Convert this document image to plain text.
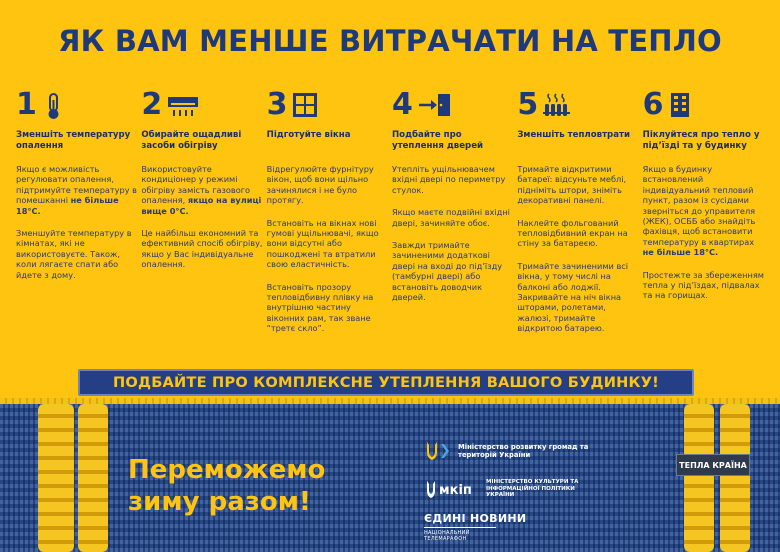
ЯК ВАМ МЕНШЕ ВИТРАЧАТИ НА ТЕПЛО
1
Зменшіть температуру опалення

Якщо є можливість регулювати опалення, підтримуйте температуру в помешканні не більше 18°С.

Зменшуйте температуру в кімнатах, які не використовуєте. Також, коли лягаєте спати або йдете з дому.

2
Обирайте ощадливі засоби обігріву

Використовуйте кондиціонер у режимі обігріву замість газового опалення, якщо на вулиці вище 0°С.

Це найбільш економний та ефективний спосіб обігріву, якщо у Вас індивідуальне опалення.

3
Підготуйте вікна

Відрегулюйте фурнітуру вікон, щоб вони щільно зачинялися і не було протягу.

Встановіть на вікнах нові гумові ущільнювачі, якщо вони відсутні або пошкоджені та втратили свою еластичність.

Встановіть прозору тепловідбивну плівку на внутрішню частину віконних рам, так зване “третє скло”.

4
Подбайте про утеплення дверей

Утепліть ущільнювачем вхідні двері по периметру стулок.

Якщо маєте подвійні вхідні двері, зачиняйте обоє.

Завжди тримайте зачиненими додаткові двері на вході до під’їзду (тамбурні двері) або встановіть доводчик дверей.

5
Зменшіть тепловтрати

Тримайте відкритими батареї: відсуньте меблі, підніміть штори, зніміть декоративні панелі.

Наклейте фольгований тепловідбивний екран на стіну за батареєю.

Тримайте зачиненими всі вікна, у тому числі на балконі або лоджії. Закривайте на ніч вікна шторами, ролетами, жалюзі, тримайте відкритою батарею.

6
Піклуйтеся про тепло у під’їзді та у будинку

Якщо в будинку встановлений індивідуальний тепловий пункт, разом із сусідами зверніться до управителя (ЖЕК), ОСББ або знайдіть фахівця, щоб встановити температуру в квартирах не більше 18°С.

Простежте за збереженням тепла у під’їздах, підвалах та на горищах.

ПОДБАЙТЕ ПРО КОМПЛЕКСНЕ УТЕПЛЕННЯ ВАШОГО БУДИНКУ!
Переможемо
зиму разом!
Міністерство розвитку громад та територій України
мкіп
МІНІСТЕРСТВО КУЛЬТУРИ ТА ІНФОРМАЦІЙНОЇ ПОЛІТИКИ УКРАЇНИ
ЄДИНІ НОВИНИ
НАЦІОНАЛЬНИЙ ТЕЛЕМАРАФОН
ТЕПЛА КРАЇНА
